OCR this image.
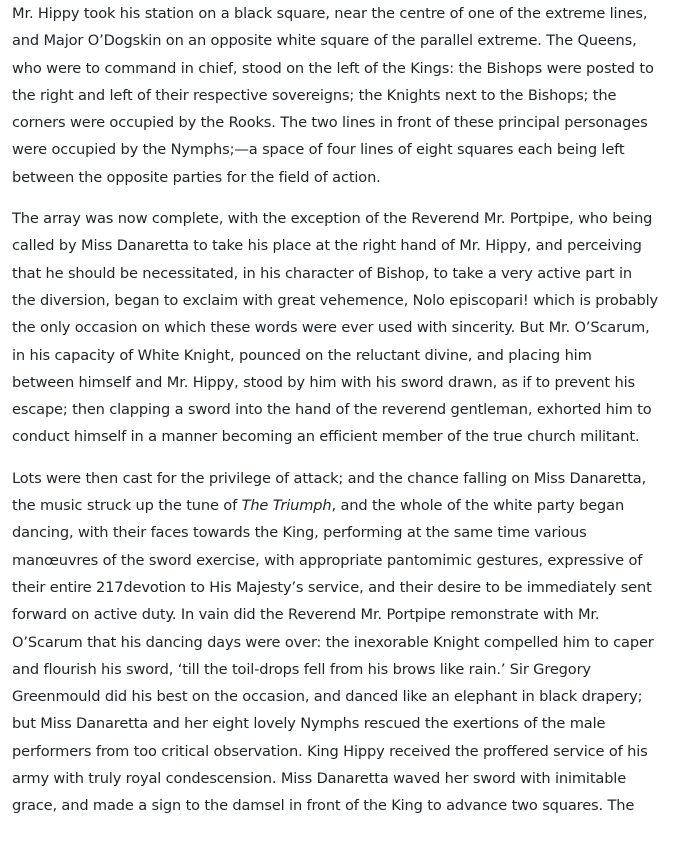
Mr. Hippy took his station on a black square, near the centre of one of the extreme lines,
and Major O’Dogskin on an opposite white square of the parallel extreme. The Queens,
who were to command in chief, stood on the left of the Kings: the Bishops were posted to
the right and left of their respective sovereigns; the Knights next to the Bishops; the
corners were occupied by the Rooks. The two lines in front of these principal personages
were occupied by the Nymphs;—a space of four lines of eight squares each being left
between the opposite parties for the field of action.

The array was now complete, with the exception of the Reverend Mr. Portpipe, who being
called by Miss Danaretta to take his place at the right hand of Mr. Hippy, and perceiving
that he should be necessitated, in his character of Bishop, to take a very active part in
the diversion, began to exclaim with great vehemence, Nolo episcopari! which is probably
the only occasion on which these words were ever used with sincerity. But Mr. O’Scarum,
in his capacity of White Knight, pounced on the reluctant divine, and placing him
between himself and Mr. Hippy, stood by him with his sword drawn, as if to prevent his
escape; then clapping a sword into the hand of the reverend gentleman, exhorted him to
conduct himself in a manner becoming an efficient member of the true church militant.

Lots were then cast for the privilege of attack; and the chance falling on Miss Danaretta,
the music struck up the tune of The Triumph, and the whole of the white party began
dancing, with their faces towards the King, performing at the same time various
manœuvres of the sword exercise, with appropriate pantomimic gestures, expressive of
their entire 217devotion to His Majesty’s service, and their desire to be immediately sent
forward on active duty. In vain did the Reverend Mr. Portpipe remonstrate with Mr.
O’Scarum that his dancing days were over: the inexorable Knight compelled him to caper
and flourish his sword, ‘till the toil-drops fell from his brows like rain.’ Sir Gregory
Greenmould did his best on the occasion, and danced like an elephant in black drapery;
but Miss Danaretta and her eight lovely Nymphs rescued the exertions of the male
performers from too critical observation. King Hippy received the proffered service of his
army with truly royal condescension. Miss Danaretta waved her sword with inimitable
grace, and made a sign to the damsel in front of the King to advance two squares. The
